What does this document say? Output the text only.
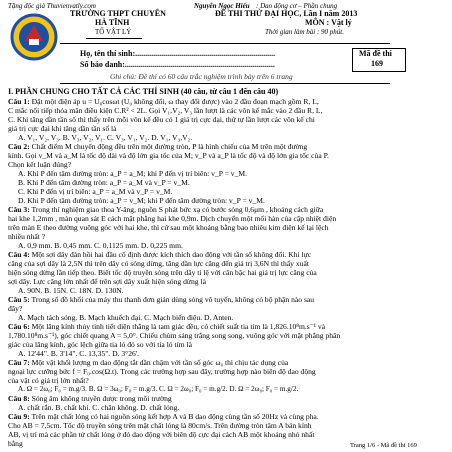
Tặng độc giả Thuvienvatly.com	Nguyễn Ngọc Hiếu : Dao động cơ – Phần chung
TRƯỜNG THPT CHUYÊN
HÀ TĨNH
TỔ VẬT LÝ
ĐỀ THI THỬ ĐẠI HỌC, Lần I năm 2013
MÔN : Vật lý
Thời gian làm bài : 90 phút.
Họ, tên thí sinh:......................................................................
Số báo danh:...........................................................................
Mã đề thi
169
Ghi chú: Đề thi có 60 câu trắc nghiệm trình bày trên 6 trang
I. PHẦN CHUNG CHO TẤT CẢ CÁC THÍ SINH (40 câu, từ câu 1 đến câu 40)
Câu 1: Đặt một điện áp u = U₀cosωt (U₀ không đổi, ω thay đổi được) vào 2 đầu đoạn mạch gồm R, L,
C mắc nối tiếp thỏa mãn điều kiện C.R² < 2L. Gọi V₁,V₂, V₃ lần lượt là các vôn kế mắc vào 2 đầu R, L,
C. Khi tăng dần tần số thì thấy trên mỗi vôn kế đều có 1 giá trị cực đại, thứ tự lần lượt các vôn kế chỉ
giá trị cực đại khi tăng dần tần số là
A. V₁, V₂, V₃. B. V₃, V₂, V₁. C. V₃, V₁, V₂. D. V₁, V₃,V₂.
Câu 2: Chất điểm M chuyển động đều trên một đường tròn, P là hình chiếu của M trên một đường
kính. Gọi v_M và a_M là tốc độ dài và độ lớn gia tốc của M; v_P và a_P là tốc độ và độ lớn gia tốc của P.
Chọn kết luận đúng?
A. Khi P đến tâm đường tròn: a_P = a_M; khi P đến vị trí biên: v_P = v_M.
B. Khi P đến tâm đường tròn: a_P = a_M và v_P = v_M.
C. Khi P đến vị trí biên: a_P = a_M và v_P = v_M.
D. Khi P đến tâm đường tròn: a_P = v_M; khi P đến tâm đường tròn: v_P = v_M.
Câu 3: Trong thí nghiệm giao thoa Y-âng, nguồn S phát bức xạ có bước sóng 0,6μm , khoảng cách giữa
hai khe 1,2mm , màn quan sát E cách mặt phẳng hai khe 0,9m. Dịch chuyển một mối hàn của cặp nhiệt điện
trên màn E theo đường vuông góc với hai khe, thì cứ sau một khoảng bằng bao nhiêu kim điện kế lại lệch
nhiều nhất ?
A. 0,9 mm. B. 0,45 mm. C. 0,1125 mm. D. 0,225 mm.
Câu 4: Một sợi dây đàn hồi hai đầu cố định được kích thích dao động với tần số không đổi. Khi lực
căng của sợi dây là 2,5N thì trên dây có sóng dừng, tăng dần lực căng đến giá trị 3,6N thì thấy xuất
hiện sóng dừng lần tiếp theo. Biết tốc độ truyền sóng trên dây tỉ lệ với căn bậc hai giá trị lực căng của
sợi dây. Lực căng lớn nhất để trên sợi dây xuất hiện sóng dừng là
A. 90N. B. 15N. C. 18N. D. 130N.
Câu 5: Trong số đồ khối của máy thu thanh đơn giản dùng sóng vô tuyến, không có bộ phận nào sau
đây?
A. Mạch tách sóng. B. Mạch khuếch đại. C. Mạch biến điệu. D. Anten.
Câu 6: Một lăng kính thủy tinh tiết diện thẳng là tam giác đều, có chiết suất tia tím là 1,826.10⁸m.s⁻¹ và
1,780.10⁸m.s⁻¹), góc chiết quang A = 5,0°. Chiếu chùm sáng trắng song song, vuông góc với mặt phẳng phân
giác của lăng kính, góc lệch giữa tia ló đỏ so với tia ló tím là
A. 12'44". B. 3'14". C. 13,35". D. 3°26'.
Câu 7: Một vật khối lượng m dao động tắt dần chậm với tần số góc ω₀ thì chịu tác dụng của
ngoại lực cưỡng bức f = F₀.cos(Ω.t). Trong các trường hợp sau đây, trường hợp nào biên độ dao động
của vật có giá trị lớn nhất?
A. Ω = 2ω₀; F₀ = m.g/3. B. Ω = 3ω₀; F₀ = m.g/3. C. Ω = 2ω₀; F₀ = m.g/2. D. Ω = 2ω₀; F₀ = m.g/2.
Câu 8: Sóng âm không truyền được trong môi trường
A. chất rắn. B. chất khí. C. chân không. D. chất lỏng.
Câu 9: Trên mặt chất lỏng có hai nguồn sóng kết hợp A và B dao động cùng tần số 20Hz và cùng pha.
Cho AB = 7,5cm. Tốc độ truyền sóng trên mặt chất lỏng là 80cm/s. Trên đường tròn tâm A bán kính
AB, vị trí mà các phần tử chất lỏng ở đó dao động với biên độ cực đại cách AB một khoảng nhỏ nhất
bằng	Trang 1/6 - Mã đề thi 169
